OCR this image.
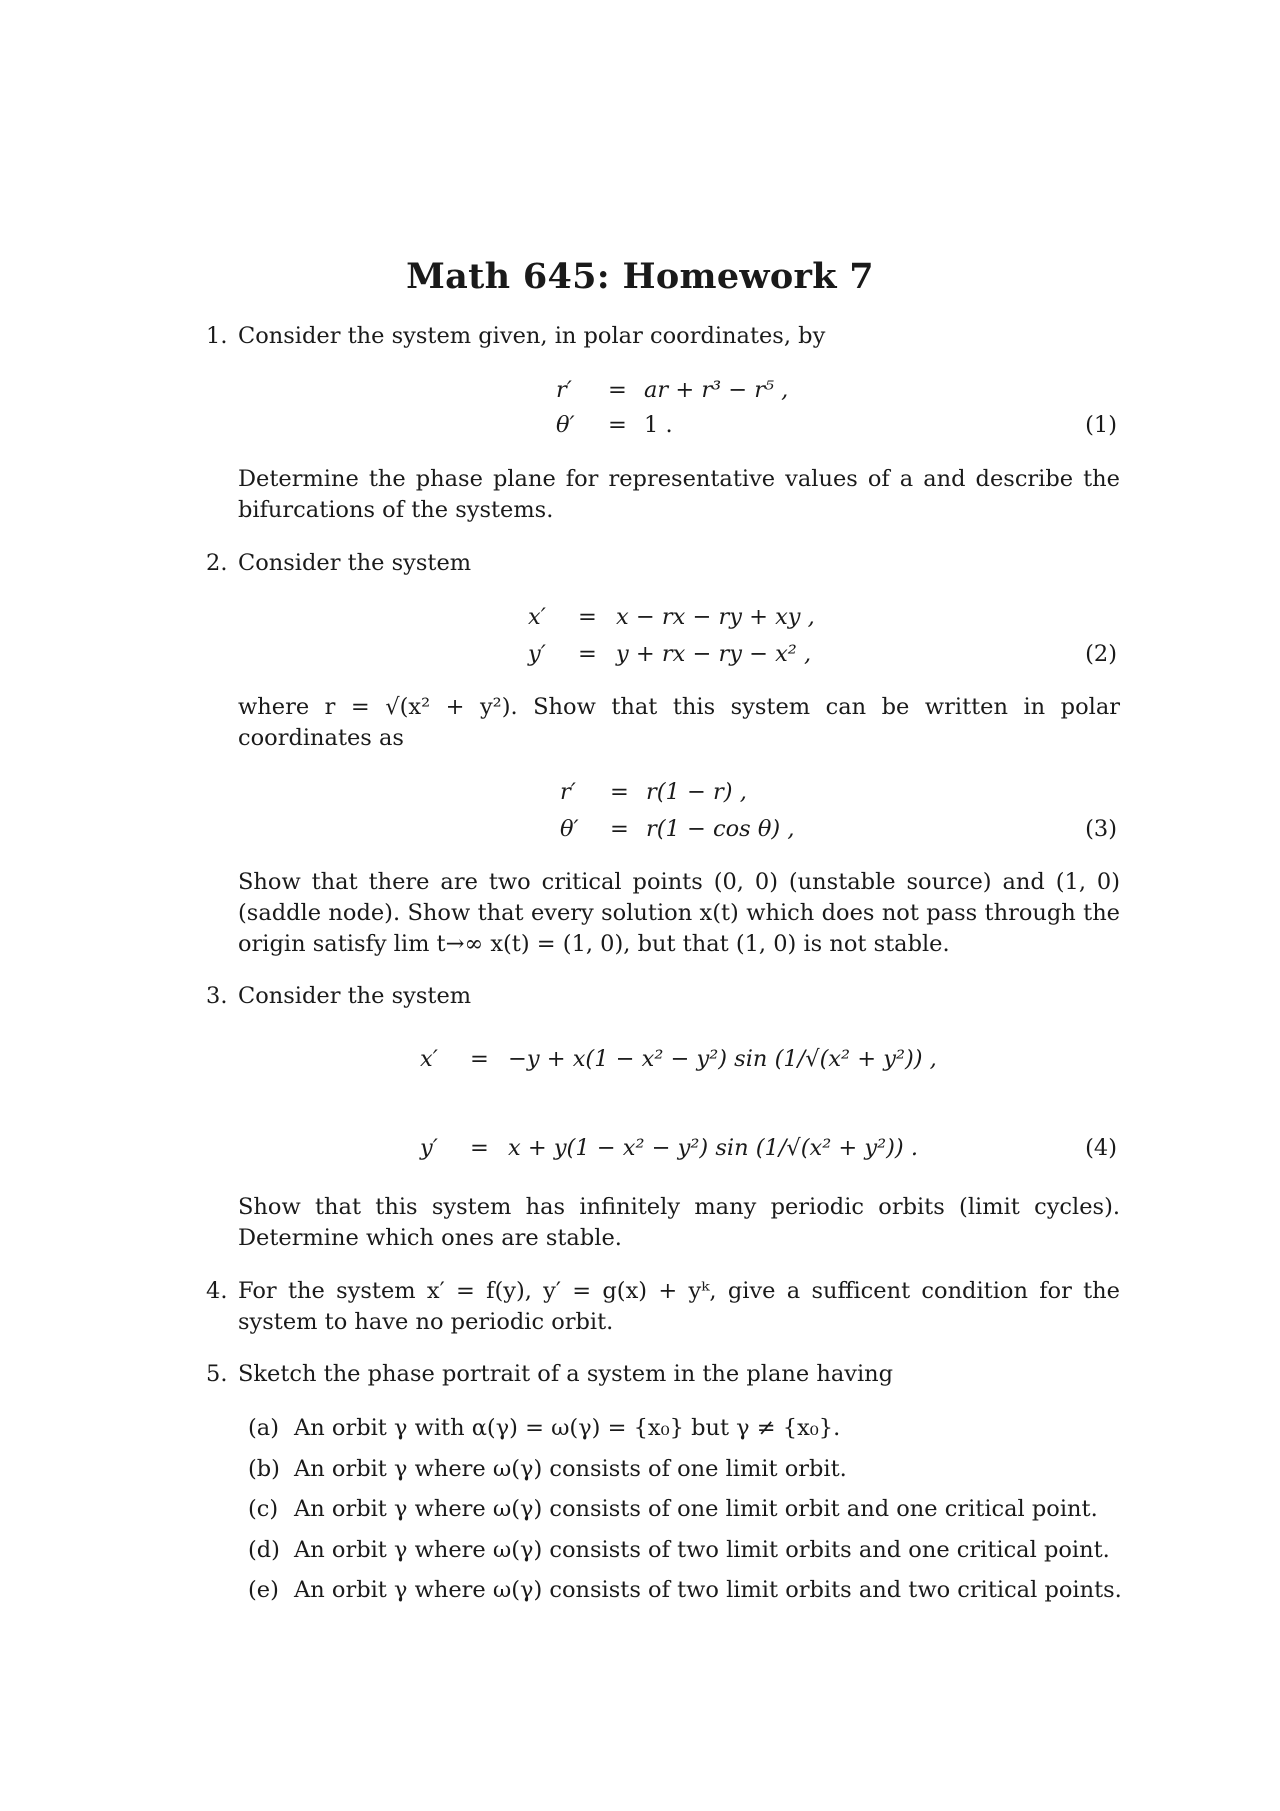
Math 645: Homework 7
1. Consider the system given, in polar coordinates, by
r′ = ar + r³ − r⁵ ,
θ′ = 1 .	(1)
Determine the phase plane for representative values of a and describe the bifurcations of the systems.
2. Consider the system
x′ = x − rx − ry + xy ,
y′ = y + rx − ry − x² ,	(2)
where r = √(x² + y²). Show that this system can be written in polar coordinates as
r′ = r(1 − r) ,
θ′ = r(1 − cos θ) ,	(3)
Show that there are two critical points (0, 0) (unstable source) and (1, 0) (saddle node). Show that every solution x(t) which does not pass through the origin satisfy lim t→∞ x(t) = (1, 0), but that (1, 0) is not stable.
3. Consider the system
x′ = −y + x(1 − x² − y²) sin (1/√(x² + y²)) ,
y′ = x + y(1 − x² − y²) sin (1/√(x² + y²)) .	(4)
Show that this system has infinitely many periodic orbits (limit cycles). Determine which ones are stable.
4. For the system x′ = f(y), y′ = g(x) + yᵏ, give a sufficent condition for the system to have no periodic orbit.
5. Sketch the phase portrait of a system in the plane having
(a) An orbit γ with α(γ) = ω(γ) = {x₀} but γ ≠ {x₀}.
(b) An orbit γ where ω(γ) consists of one limit orbit.
(c) An orbit γ where ω(γ) consists of one limit orbit and one critical point.
(d) An orbit γ where ω(γ) consists of two limit orbits and one critical point.
(e) An orbit γ where ω(γ) consists of two limit orbits and two critical points.
